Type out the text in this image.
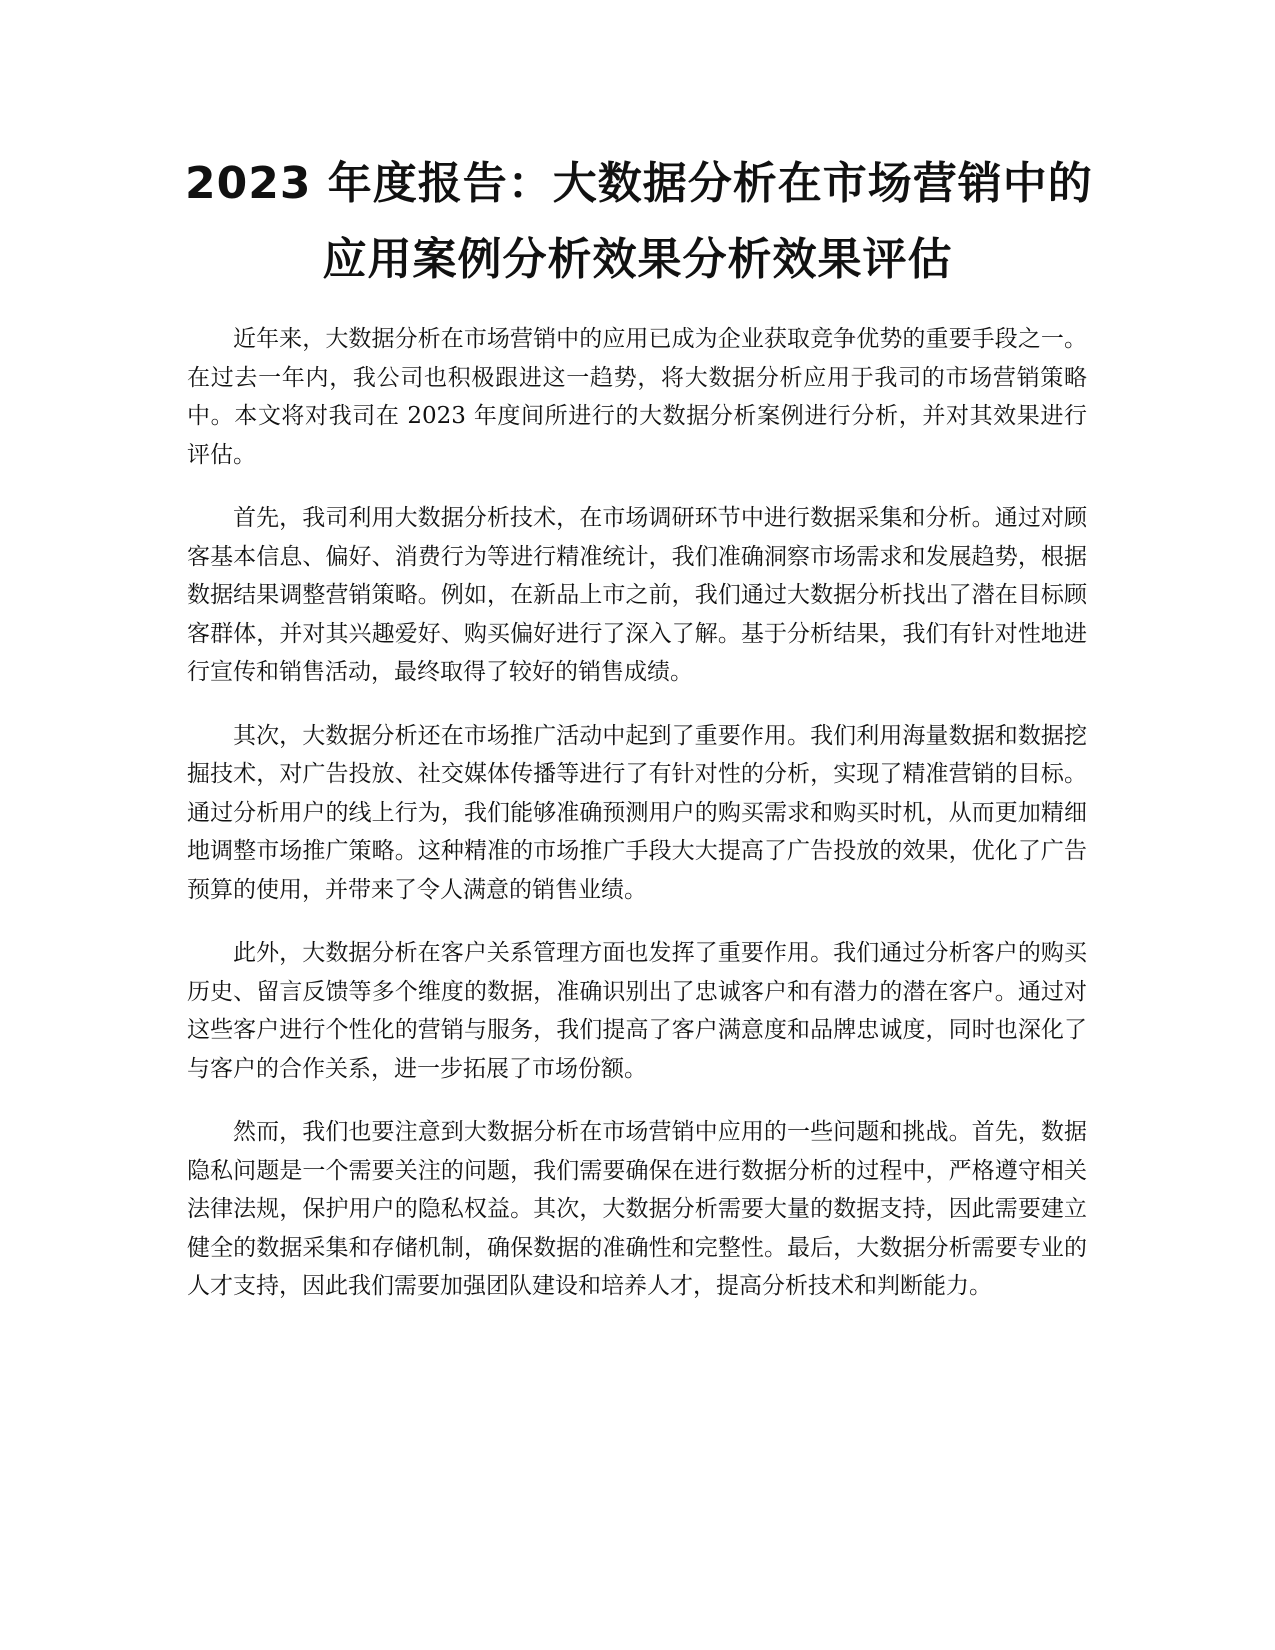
2023 年度报告：大数据分析在市场营销中的
应用案例分析效果分析效果评估

近年来，大数据分析在市场营销中的应用已成为企业获取竞争优势的重要手段之一。在过去一年内，我公司也积极跟进这一趋势，将大数据分析应用于我司的市场营销策略中。本文将对我司在 2023 年度间所进行的大数据分析案例进行分析，并对其效果进行评估。

首先，我司利用大数据分析技术，在市场调研环节中进行数据采集和分析。通过对顾客基本信息、偏好、消费行为等进行精准统计，我们准确洞察市场需求和发展趋势，根据数据结果调整营销策略。例如，在新品上市之前，我们通过大数据分析找出了潜在目标顾客群体，并对其兴趣爱好、购买偏好进行了深入了解。基于分析结果，我们有针对性地进行宣传和销售活动，最终取得了较好的销售成绩。

其次，大数据分析还在市场推广活动中起到了重要作用。我们利用海量数据和数据挖掘技术，对广告投放、社交媒体传播等进行了有针对性的分析，实现了精准营销的目标。通过分析用户的线上行为，我们能够准确预测用户的购买需求和购买时机，从而更加精细地调整市场推广策略。这种精准的市场推广手段大大提高了广告投放的效果，优化了广告预算的使用，并带来了令人满意的销售业绩。

此外，大数据分析在客户关系管理方面也发挥了重要作用。我们通过分析客户的购买历史、留言反馈等多个维度的数据，准确识别出了忠诚客户和有潜力的潜在客户。通过对这些客户进行个性化的营销与服务，我们提高了客户满意度和品牌忠诚度，同时也深化了与客户的合作关系，进一步拓展了市场份额。

然而，我们也要注意到大数据分析在市场营销中应用的一些问题和挑战。首先，数据隐私问题是一个需要关注的问题，我们需要确保在进行数据分析的过程中，严格遵守相关法律法规，保护用户的隐私权益。其次，大数据分析需要大量的数据支持，因此需要建立健全的数据采集和存储机制，确保数据的准确性和完整性。最后，大数据分析需要专业的人才支持，因此我们需要加强团队建设和培养人才，提高分析技术和判断能力。
